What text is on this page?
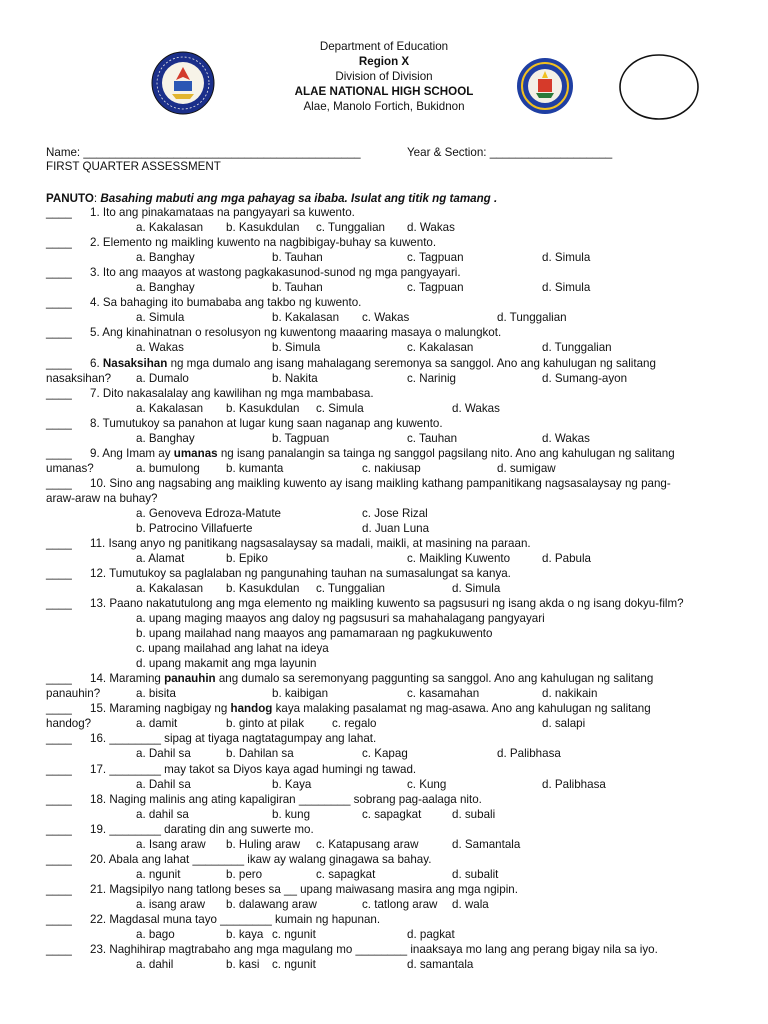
Department of Education
Region X
Division of Division
ALAE NATIONAL HIGH SCHOOL
Alae, Manolo Fortich, Bukidnon
Name: ___________________________________________	Year & Section: ___________________
FIRST QUARTER ASSESSMENT
PANUTO: Basahing mabuti ang mga pahayag sa ibaba. Isulat ang titik ng tamang .
____ 1. Ito ang pinakamataas na pangyayari sa kuwento.
a. Kakalasan b. Kasukdulan c. Tunggalian d. Wakas
____ 2. Elemento ng maikling kuwento na nagbibigay-buhay sa kuwento.
a. Banghay	b. Tauhan	c. Tagpuan	d. Simula
____ 3. Ito ang maayos at wastong pagkakasunod-sunod ng mga pangyayari.
a. Banghay	b. Tauhan	c. Tagpuan	d. Simula
____ 4. Sa bahaging ito bumababa ang takbo ng kuwento.
a. Simula	b. Kakalasan c. Wakas	d. Tunggalian
____ 5. Ang kinahinatnan o resolusyon ng kuwentong maaaring masaya o malungkot.
a. Wakas	b. Simula	c. Kakalasan	d. Tunggalian
____ 6. Nasaksihan ng mga dumalo ang isang mahalagang seremonya sa sanggol. Ano ang kahulugan ng salitang
nasaksihan? a. Dumalo	b. Nakita	c. Narinig	d. Sumang-ayon
____ 7. Dito nakasalalay ang kawilihan ng mga mambabasa.
a. Kakalasan b. Kasukdulan c. Simula	d. Wakas
____ 8. Tumutukoy sa panahon at lugar kung saan naganap ang kuwento.
a. Banghay	b. Tagpuan	c. Tauhan	d. Wakas
____ 9. Ang Imam ay umanas ng isang panalangin sa tainga ng sanggol pagsilang nito. Ano ang kahulugan ng salitang
umanas?	a. bumulong b. kumanta	c. nakiusap	d. sumigaw
____ 10. Sino ang nagsabing ang maikling kuwento ay isang maikling kathang pampanitikang nagsasalaysay ng pang-
araw-araw na buhay?
a. Genoveva Edroza-Matute	c. Jose Rizal
b. Patrocino Villafuerte	d. Juan Luna
____ 11. Isang anyo ng panitikang nagsasalaysay sa madali, maikli, at masining na paraan.
a. Alamat	b. Epiko	c. Maikling Kuwento	d. Pabula
____ 12. Tumutukoy sa paglalaban ng pangunahing tauhan na sumasalungat sa kanya.
a. Kakalasan b. Kasukdulan c. Tunggalian	d. Simula
____ 13. Paano nakatutulong ang mga elemento ng maikling kuwento sa pagsusuri ng isang akda o ng isang dokyu-film?
a. upang maging maayos ang daloy ng pagsusuri sa mahahalagang pangyayari
b. upang mailahad nang maayos ang pamamaraan ng pagkukuwento
c. upang mailahad ang lahat na ideya
d. upang makamit ang mga layunin
____ 14. Maraming panauhin ang dumalo sa seremonyang paggunting sa sanggol. Ano ang kahulugan ng salitang
panauhin?	a. bisita	b. kaibigan	c. kasamahan	d. nakikain
____ 15. Maraming nagbigay ng handog kaya malaking pasalamat ng mag-asawa. Ano ang kahulugan ng salitang
handog?	a. damit	b. ginto at pilak c. regalo	d. salapi
____ 16. ________ sipag at tiyaga nagtatagumpay ang lahat.
a. Dahil sa	b. Dahilan sa	c. Kapag	d. Palibhasa
____ 17. ________ may takot sa Diyos kaya agad humingi ng tawad.
a. Dahil sa	b. Kaya	c. Kung	d. Palibhasa
____ 18. Naging malinis ang ating kapaligiran ________ sobrang pag-aalaga nito.
a. dahil sa	b. kung	c. sapagkat	d. subali
____ 19. ________ darating din ang suwerte mo.
a. Isang araw b. Huling araw c. Katapusang araw	d. Samantala
____ 20. Abala ang lahat ________ ikaw ay walang ginagawa sa bahay.
a. ngunit	b. pero	c. sapagkat	d. subalit
____ 21. Magsipilyo nang tatlong beses sa __ upang maiwasang masira ang mga ngipin.
a. isang araw b. dalawang araw	c. tatlong araw d. wala
____ 22. Magdasal muna tayo ________ kumain ng hapunan.
a. bago	b. kaya c. ngunit	d. pagkat
____ 23. Naghihirap magtrabaho ang mga magulang mo ________ inaaksaya mo lang ang perang bigay nila sa iyo.
a. dahil	b. kasi c. ngunit	d. samantala
